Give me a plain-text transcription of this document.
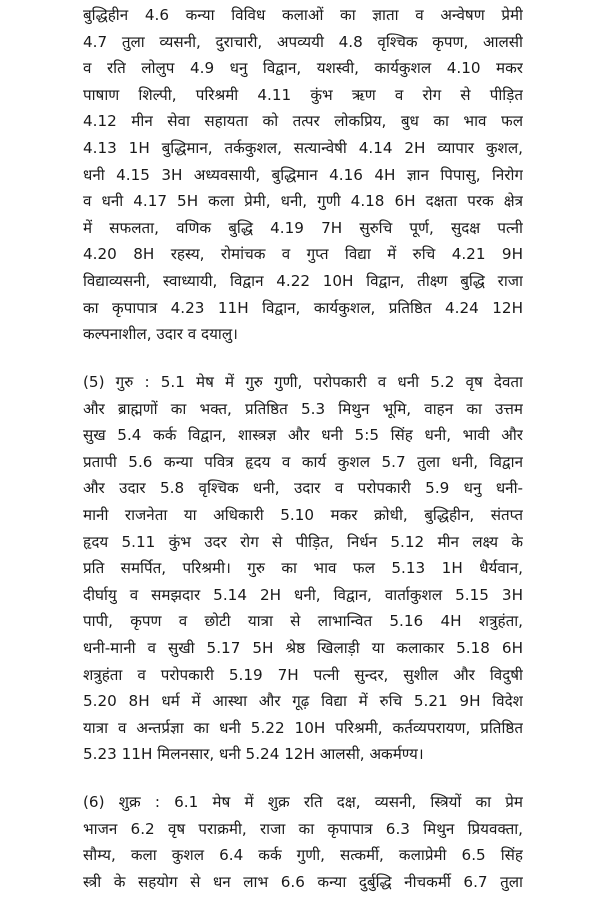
बुद्धिहीन 4.6 कन्या विविध कलाओं का ज्ञाता व अन्वेषण प्रेमी
4.7 तुला व्यसनी, दुराचारी, अपव्ययी 4.8 वृश्चिक कृपण, आलसी
व रति लोलुप 4.9 धनु विद्वान, यशस्वी, कार्यकुशल 4.10 मकर
पाषाण शिल्पी, परिश्रमी 4.11 कुंभ ऋण व रोग से पीड़ित
4.12 मीन सेवा सहायता को तत्पर लोकप्रिय, बुध का भाव फल
4.13 1H बुद्धिमान, तर्ककुशल, सत्यान्वेषी 4.14 2H व्यापार कुशल,
धनी 4.15 3H अध्यवसायी, बुद्धिमान 4.16 4H ज्ञान पिपासु, निरोग
व धनी 4.17 5H कला प्रेमी, धनी, गुणी 4.18 6H दक्षता परक क्षेत्र
में सफलता, वणिक बुद्धि 4.19 7H सुरुचि पूर्ण, सुदक्ष पत्नी
4.20 8H रहस्य, रोमांचक व गुप्त विद्या में रुचि 4.21 9H
विद्याव्यसनी, स्वाध्यायी, विद्वान 4.22 10H विद्वान, तीक्ष्ण बुद्धि राजा
का कृपापात्र 4.23 11H विद्वान, कार्यकुशल, प्रतिष्ठित 4.24 12H
कल्पनाशील, उदार व दयालु।
(5) गुरु : 5.1 मेष में गुरु गुणी, परोपकारी व धनी 5.2 वृष देवता
और ब्राह्मणों का भक्त, प्रतिष्ठित 5.3 मिथुन भूमि, वाहन का उत्तम
सुख 5.4 कर्क विद्वान, शास्त्रज्ञ और धनी 5:5 सिंह धनी, भावी और
प्रतापी 5.6 कन्या पवित्र हृदय व कार्य कुशल 5.7 तुला धनी, विद्वान
और उदार 5.8 वृश्चिक धनी, उदार व परोपकारी 5.9 धनु धनी-
मानी राजनेता या अधिकारी 5.10 मकर क्रोधी, बुद्धिहीन, संतप्त
हृदय 5.11 कुंभ उदर रोग से पीड़ित, निर्धन 5.12 मीन लक्ष्य के
प्रति समर्पित, परिश्रमी। गुरु का भाव फल 5.13 1H धैर्यवान,
दीर्घायु व समझदार 5.14 2H धनी, विद्वान, वार्ताकुशल 5.15 3H
पापी, कृपण व छोटी यात्रा से लाभान्वित 5.16 4H शत्रुहंता,
धनी-मानी व सुखी 5.17 5H श्रेष्ठ खिलाड़ी या कलाकार 5.18 6H
शत्रुहंता व परोपकारी 5.19 7H पत्नी सुन्दर, सुशील और विदुषी
5.20 8H धर्म में आस्था और गूढ़ विद्या में रुचि 5.21 9H विदेश
यात्रा व अन्तर्प्रज्ञा का धनी 5.22 10H परिश्रमी, कर्तव्यपरायण, प्रतिष्ठित
5.23 11H मिलनसार, धनी 5.24 12H आलसी, अकर्मण्य।
(6) शुक्र : 6.1 मेष में शुक्र रति दक्ष, व्यसनी, स्त्रियों का प्रेम
भाजन 6.2 वृष पराक्रमी, राजा का कृपापात्र 6.3 मिथुन प्रियवक्ता,
सौम्य, कला कुशल 6.4 कर्क गुणी, सत्कर्मी, कलाप्रेमी 6.5 सिंह
स्त्री के सहयोग से धन लाभ 6.6 कन्या दुर्बुद्धि नीचकर्मी 6.7 तुला
